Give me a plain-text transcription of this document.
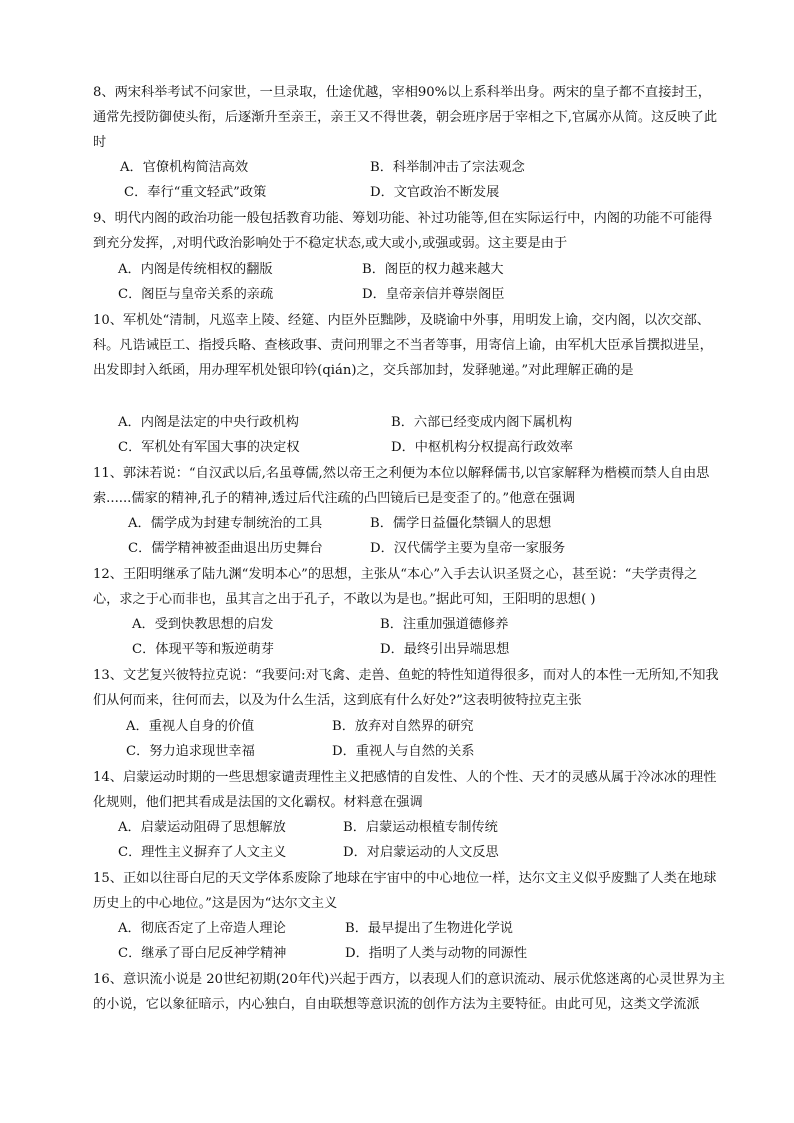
8、两宋科举考试不问家世，一旦录取，仕途优越，宰相90%以上系科举出身。两宋的皇子都不直接封王，通常先授防御使头衔，后逐渐升至亲王，亲王又不得世袭，朝会班序居于宰相之下,官属亦从简。这反映了此时
A．官僚机构简洁高效	B．科举制冲击了宗法观念
C．奉行“重文轻武”政策	D．文官政治不断发展
9、明代内阁的政治功能一般包括教育功能、筹划功能、补过功能等,但在实际运行中，内阁的功能不可能得到充分发挥，,对明代政治影响处于不稳定状态,或大或小,或强或弱。这主要是由于
A．内阁是传统相权的翻版	B．阁臣的权力越来越大
C．阁臣与皇帝关系的亲疏	D．皇帝亲信并尊崇阁臣
10、军机处“清制，凡巡幸上陵、经筵、内臣外臣黜陟，及晓谕中外事，用明发上谕，交内阁，以次交部、科。凡诰诫臣工、指授兵略、查核政事、责问刑罪之不当者等事，用寄信上谕，由军机大臣承旨撰拟进呈，出发即封入纸函，用办理军机处银印钤(qián)之，交兵部加封，发驿驰递。”对此理解正确的是
A．内阁是法定的中央行政机构	B．六部已经变成内阁下属机构
C．军机处有军国大事的决定权	D．中枢机构分权提高行政效率
11、郭沫若说：“自汉武以后,名虽尊儒,然以帝王之利便为本位以解释儒书,以官家解释为楷模而禁人自由思索......儒家的精神,孔子的精神,透过后代注疏的凸凹镜后已是变歪了的。”他意在强调
A．儒学成为封建专制统治的工具	B．儒学日益僵化禁锢人的思想
C．儒学精神被歪曲退出历史舞台	D．汉代儒学主要为皇帝一家服务
12、王阳明继承了陆九渊“发明本心”的思想，主张从“本心”入手去认识圣贤之心，甚至说：“夫学责得之心，求之于心而非也，虽其言之出于孔子，不敢以为是也。”据此可知，王阳明的思想( )
A．受到快教思想的启发	B．注重加强道德修养
C．体现平等和叛逆萌芽	D．最终引出异端思想
13、文艺复兴彼特拉克说：“我要问:对飞禽、走兽、鱼蛇的特性知道得很多，而对人的本性一无所知,不知我们从何而来，往何而去，以及为什么生活，这到底有什么好处?”这表明彼特拉克主张
A．重视人自身的价值	B．放弃对自然界的研究
C．努力追求现世幸福	D．重视人与自然的关系
14、启蒙运动时期的一些思想家谴责理性主义把感情的自发性、人的个性、天才的灵感从属于冷冰冰的理性化规则，他们把其看成是法国的文化霸权。材料意在强调
A．启蒙运动阻碍了思想解放	B．启蒙运动根植专制传统
C．理性主义摒弃了人文主义	D．对启蒙运动的人文反思
15、正如以往哥白尼的天文学体系废除了地球在宇宙中的中心地位一样，达尔文主义似乎废黜了人类在地球历史上的中心地位。”这是因为“达尔文主义
A．彻底否定了上帝造人理论	B．最早提出了生物进化学说
C．继承了哥白尼反神学精神	D．指明了人类与动物的同源性
16、意识流小说是 20世纪初期(20年代)兴起于西方，以表现人们的意识流动、展示优悠迷离的心灵世界为主的小说，它以象征暗示，内心独白，自由联想等意识流的创作方法为主要特征。由此可见，这类文学流派
